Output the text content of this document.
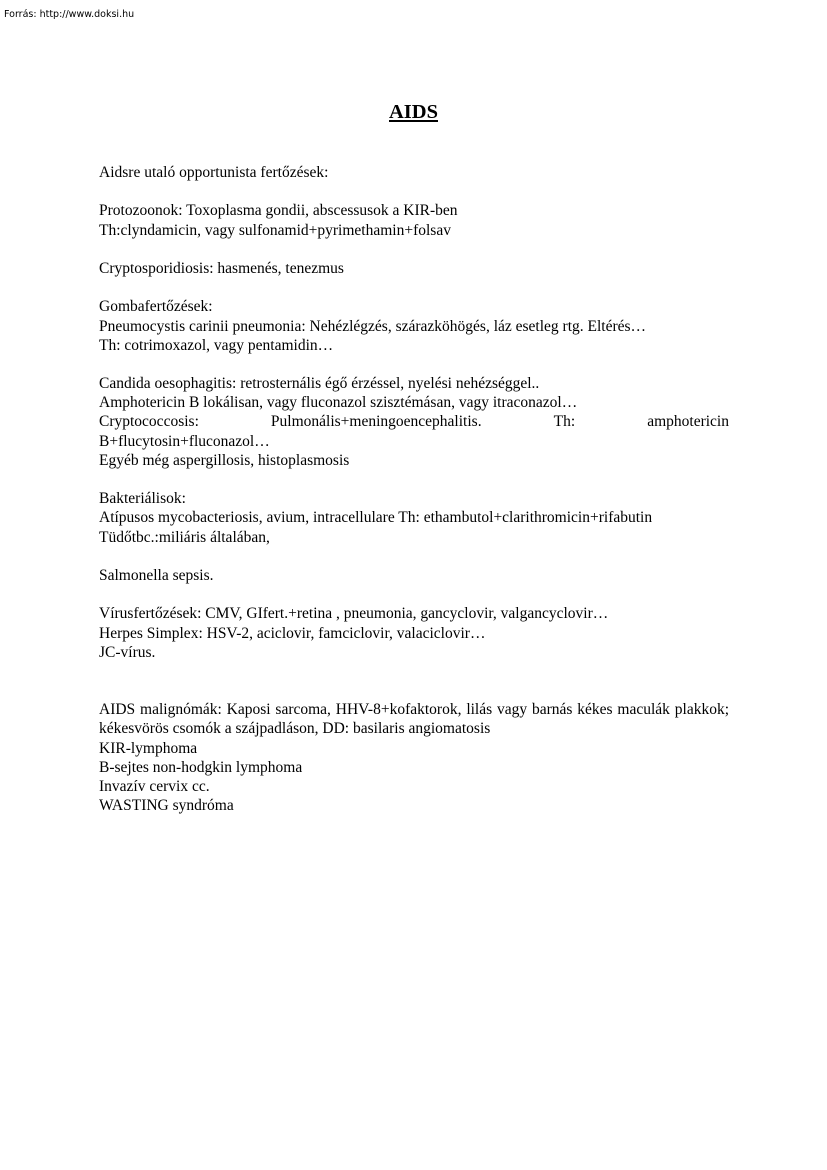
Forrás: http://www.doksi.hu
AIDS
Aidsre utaló opportunista fertőzések:
Protozoonok: Toxoplasma gondii, abscessusok a KIR-ben
Th:clyndamicin, vagy sulfonamid+pyrimethamin+folsav
Cryptosporidiosis: hasmenés, tenezmus
Gombafertőzések:
Pneumocystis carinii pneumonia: Nehézlégzés, szárazköhögés, láz esetleg rtg. Eltérés…
Th: cotrimoxazol, vagy pentamidin…
Candida oesophagitis: retrosternális égő érzéssel, nyelési nehézséggel..
Amphotericin B lokálisan, vagy fluconazol szisztémásan, vagy itraconazol…
Cryptococcosis:	Pulmonális+meningoencephalitis.	Th:	amphotericin
B+flucytosin+fluconazol…
Egyéb még aspergillosis, histoplasmosis
Bakteriálisok:
Atípusos mycobacteriosis, avium, intracellulare Th: ethambutol+clarithromicin+rifabutin
Tüdőtbc.:miliáris általában,
Salmonella sepsis.
Vírusfertőzések: CMV, GIfert.+retina , pneumonia, gancyclovir, valgancyclovir…
Herpes Simplex: HSV-2, aciclovir, famciclovir, valaciclovir…
JC-vírus.
AIDS malignómák: Kaposi sarcoma, HHV-8+kofaktorok, lilás vagy barnás kékes maculák plakkok; kékesvörös csomók a szájpadláson, DD: basilaris angiomatosis
KIR-lymphoma
B-sejtes non-hodgkin lymphoma
Invazív cervix cc.
WASTING syndróma
